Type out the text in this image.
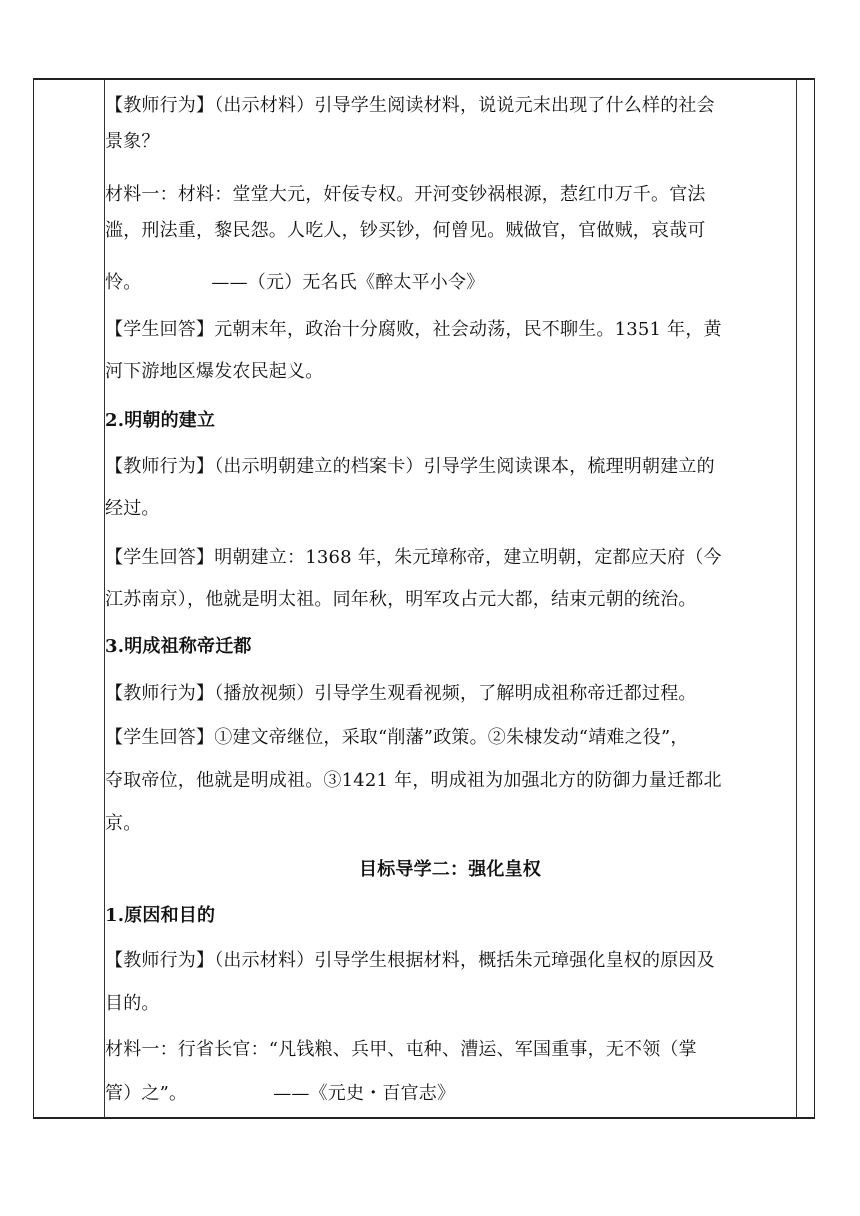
【教师行为】（出示材料）引导学生阅读材料，说说元末出现了什么样的社会
景象？
材料一：材料：堂堂大元，奸佞专权。开河变钞祸根源，惹红巾万千。官法
滥，刑法重，黎民怨。人吃人，钞买钞，何曾见。贼做官，官做贼，哀哉可
怜。	——（元）无名氏《醉太平小令》
【学生回答】元朝末年，政治十分腐败，社会动荡，民不聊生。1351 年，黄
河下游地区爆发农民起义。
2.明朝的建立
【教师行为】（出示明朝建立的档案卡）引导学生阅读课本，梳理明朝建立的
经过。
【学生回答】明朝建立：1368 年，朱元璋称帝，建立明朝，定都应天府（今
江苏南京），他就是明太祖。同年秋，明军攻占元大都，结束元朝的统治。
3.明成祖称帝迁都
【教师行为】（播放视频）引导学生观看视频，了解明成祖称帝迁都过程。
【学生回答】①建文帝继位，采取“削藩”政策。②朱棣发动“靖难之役”，
夺取帝位，他就是明成祖。③1421 年，明成祖为加强北方的防御力量迁都北
京。
目标导学二：强化皇权
1.原因和目的
【教师行为】（出示材料）引导学生根据材料，概括朱元璋强化皇权的原因及
目的。
材料一：行省长官：“凡钱粮、兵甲、屯种、漕运、军国重事，无不领（掌
管）之”。	——《元史・百官志》
